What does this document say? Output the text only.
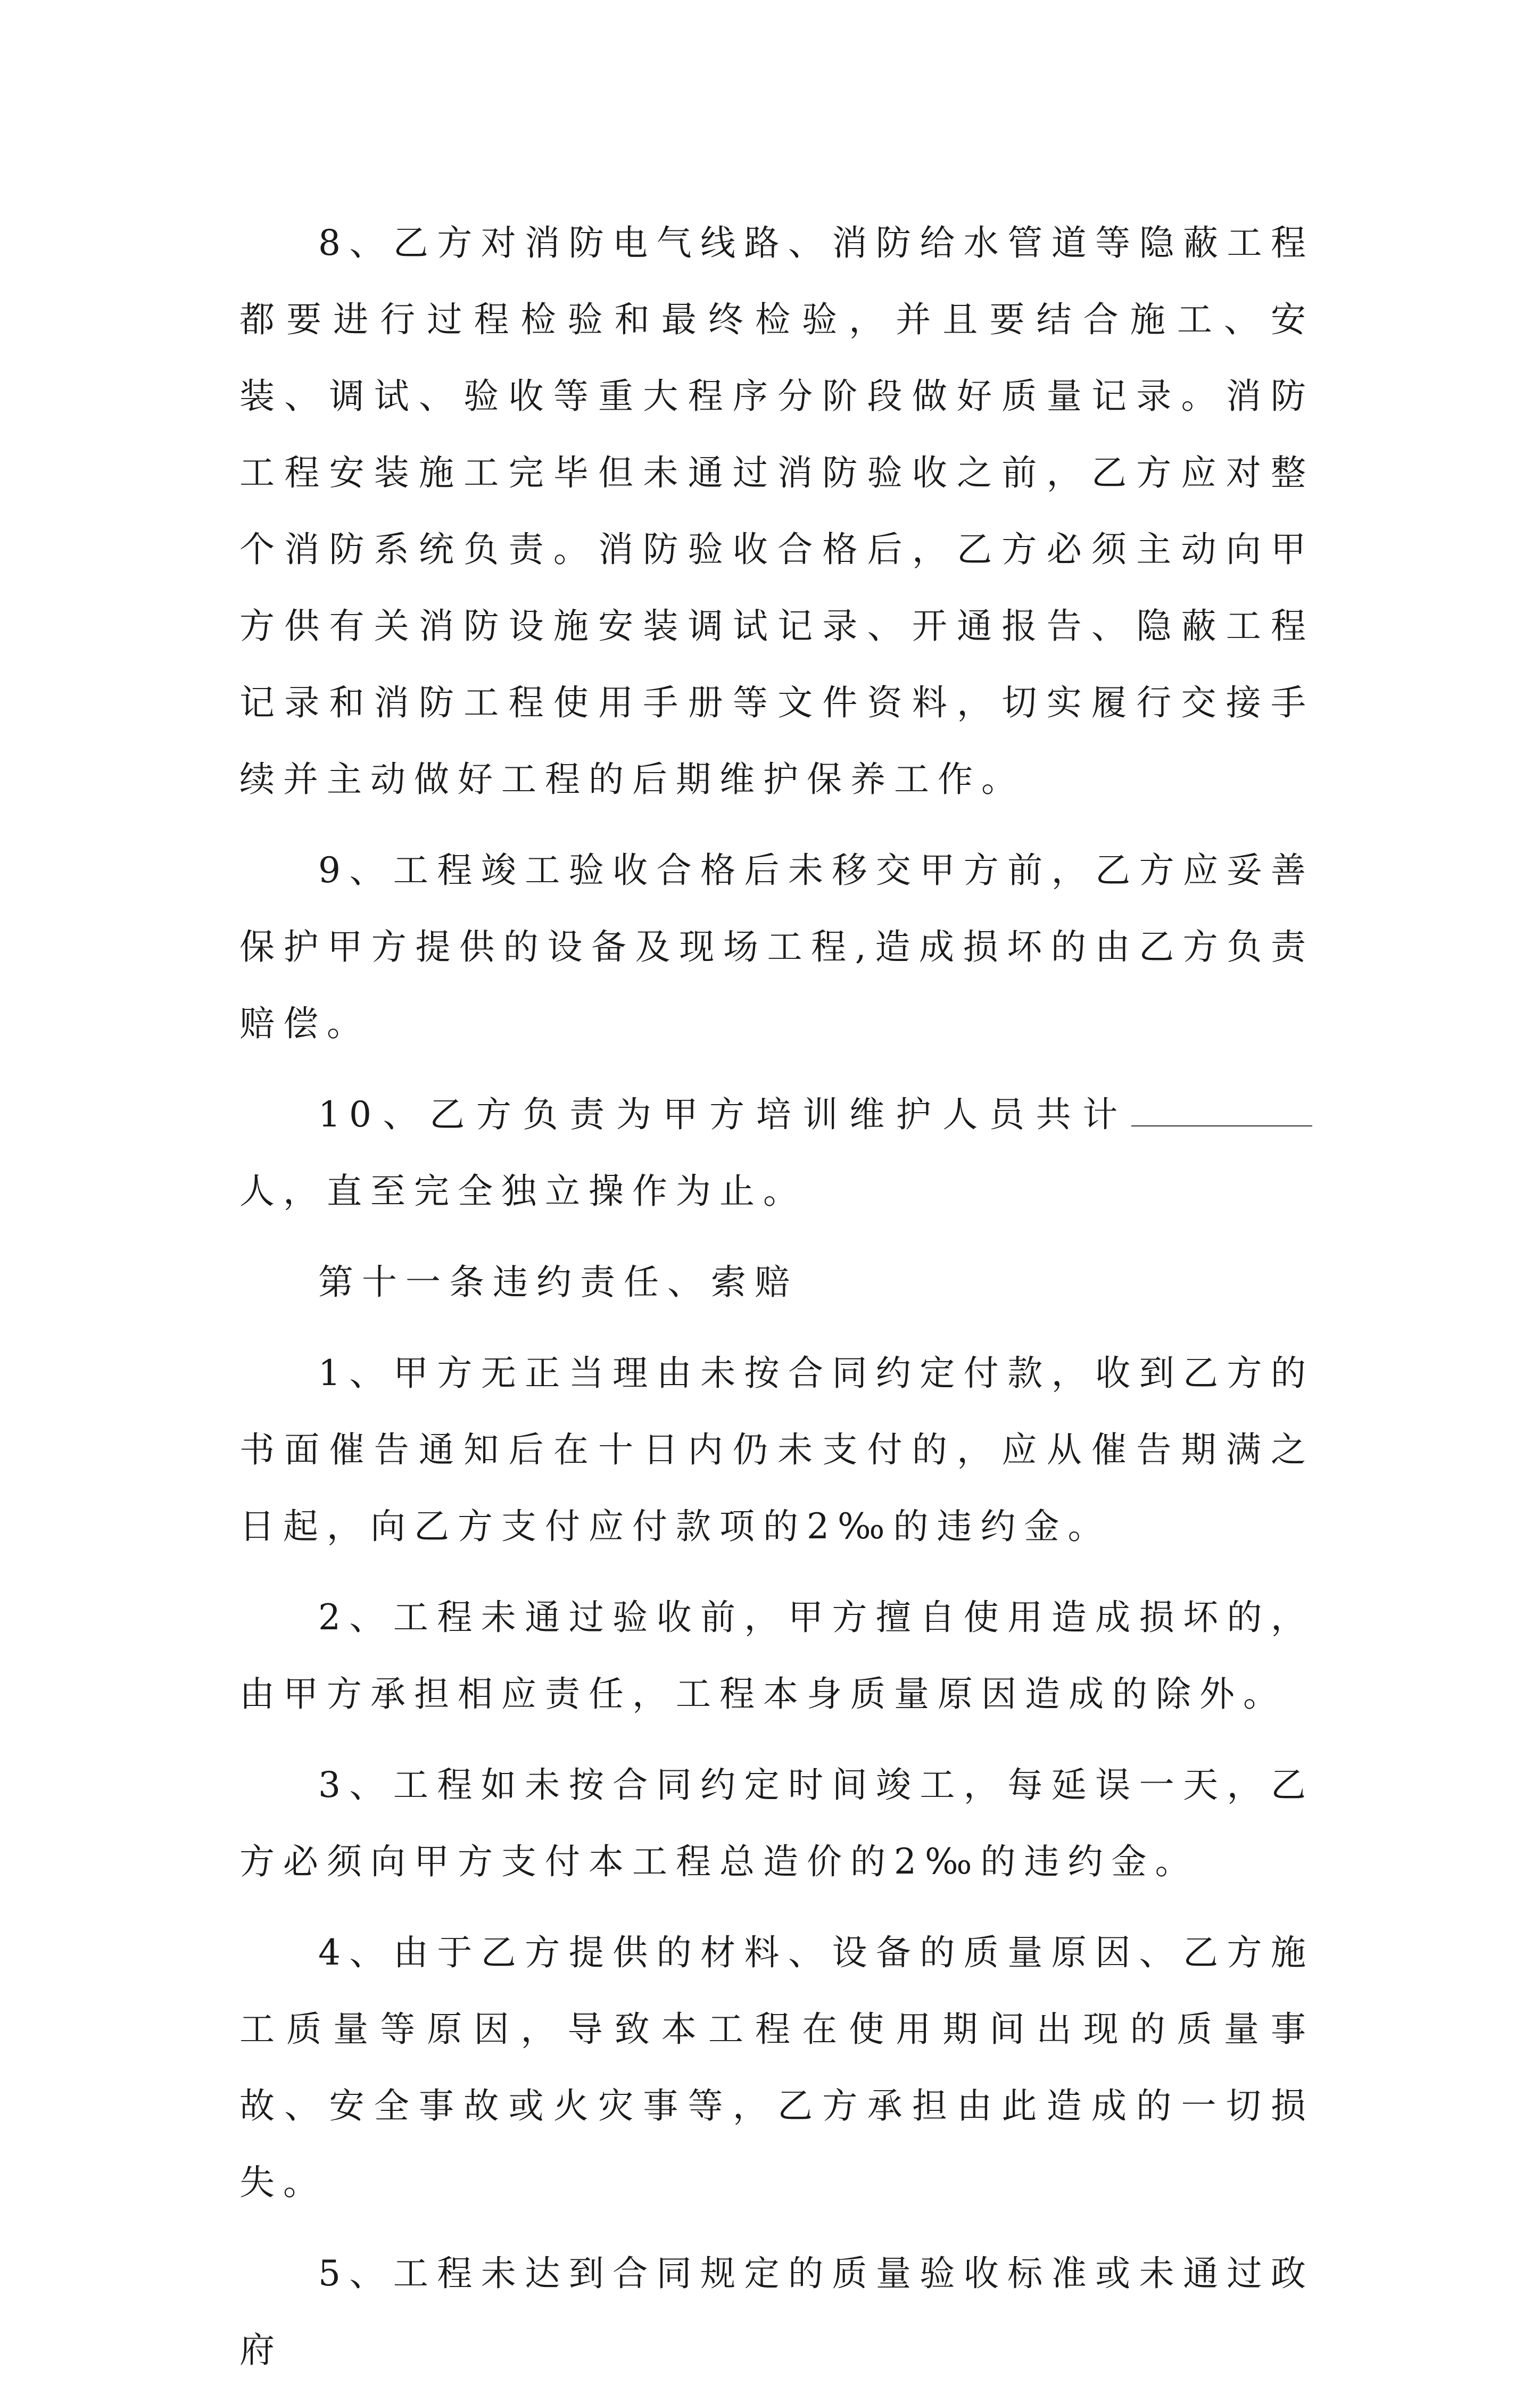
8、乙方对消防电气线路、消防给水管道等隐蔽工程都要进行过程检验和最终检验，并且要结合施工、安装、调试、验收等重大程序分阶段做好质量记录。消防工程安装施工完毕但未通过消防验收之前，乙方应对整个消防系统负责。消防验收合格后，乙方必须主动向甲方供有关消防设施安装调试记录、开通报告、隐蔽工程记录和消防工程使用手册等文件资料，切实履行交接手续并主动做好工程的后期维护保养工作。

9、工程竣工验收合格后未移交甲方前，乙方应妥善保护甲方提供的设备及现场工程,造成损坏的由乙方负责赔偿。

10、乙方负责为甲方培训维护人员共计人，直至完全独立操作为止。

第十一条违约责任、索赔

1、甲方无正当理由未按合同约定付款，收到乙方的书面催告通知后在十日内仍未支付的，应从催告期满之日起，向乙方支付应付款项的2‰的违约金。

2、工程未通过验收前，甲方擅自使用造成损坏的，由甲方承担相应责任，工程本身质量原因造成的除外。

3、工程如未按合同约定时间竣工，每延误一天，乙方必须向甲方支付本工程总造价的2‰的违约金。

4、由于乙方提供的材料、设备的质量原因、乙方施工质量等原因，导致本工程在使用期间出现的质量事故、安全事故或火灾事等，乙方承担由此造成的一切损失。

5、工程未达到合同规定的质量验收标准或未通过政府
